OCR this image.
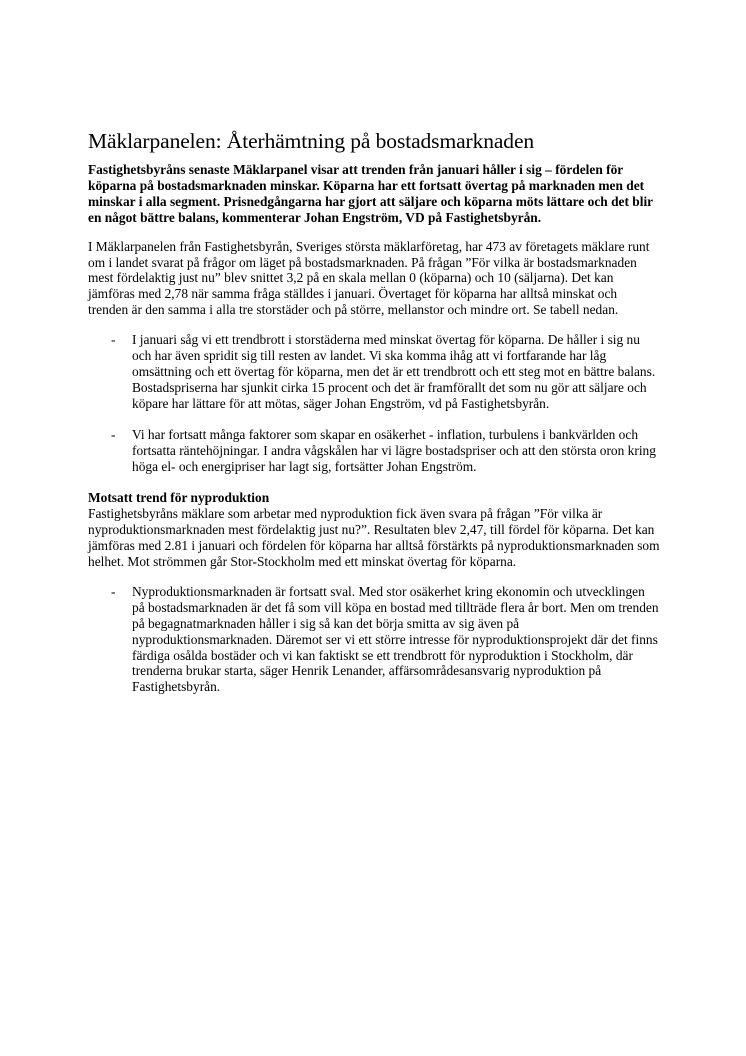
Mäklarpanelen: Återhämtning på bostadsmarknaden

Fastighetsbyråns senaste Mäklarpanel visar att trenden från januari håller i sig – fördelen för köparna på bostadsmarknaden minskar. Köparna har ett fortsatt övertag på marknaden men det minskar i alla segment. Prisnedgångarna har gjort att säljare och köparna möts lättare och det blir en något bättre balans, kommenterar Johan Engström, VD på Fastighetsbyrån.

I Mäklarpanelen från Fastighetsbyrån, Sveriges största mäklarföretag, har 473 av företagets mäklare runt om i landet svarat på frågor om läget på bostadsmarknaden. På frågan ”För vilka är bostadsmarknaden mest fördelaktig just nu” blev snittet 3,2 på en skala mellan 0 (köparna) och 10 (säljarna). Det kan jämföras med 2,78 när samma fråga ställdes i januari. Övertaget för köparna har alltså minskat och trenden är den samma i alla tre storstäder och på större, mellanstor och mindre ort. Se tabell nedan.

-	I januari såg vi ett trendbrott i storstäderna med minskat övertag för köparna. De håller i sig nu och har även spridit sig till resten av landet. Vi ska komma ihåg att vi fortfarande har låg omsättning och ett övertag för köparna, men det är ett trendbrott och ett steg mot en bättre balans. Bostadspriserna har sjunkit cirka 15 procent och det är framförallt det som nu gör att säljare och köpare har lättare för att mötas, säger Johan Engström, vd på Fastighetsbyrån.
-	Vi har fortsatt många faktorer som skapar en osäkerhet - inflation, turbulens i bankvärlden och fortsatta räntehöjningar. I andra vågskålen har vi lägre bostadspriser och att den största oron kring höga el- och energipriser har lagt sig, fortsätter Johan Engström.
Motsatt trend för nyproduktion

Fastighetsbyråns mäklare som arbetar med nyproduktion fick även svara på frågan ”För vilka är nyproduktionsmarknaden mest fördelaktig just nu?”. Resultaten blev 2,47, till fördel för köparna. Det kan jämföras med 2.81 i januari och fördelen för köparna har alltså förstärkts på nyproduktionsmarknaden som helhet. Mot strömmen går Stor-Stockholm med ett minskat övertag för köparna.

-	Nyproduktionsmarknaden är fortsatt sval. Med stor osäkerhet kring ekonomin och utvecklingen på bostadsmarknaden är det få som vill köpa en bostad med tillträde flera år bort. Men om trenden på begagnatmarknaden håller i sig så kan det börja smitta av sig även på nyproduktionsmarknaden. Däremot ser vi ett större intresse för nyproduktionsprojekt där det finns färdiga osålda bostäder och vi kan faktiskt se ett trendbrott för nyproduktion i Stockholm, där trenderna brukar starta, säger Henrik Lenander, affärsområdesansvarig nyproduktion på Fastighetsbyrån.
